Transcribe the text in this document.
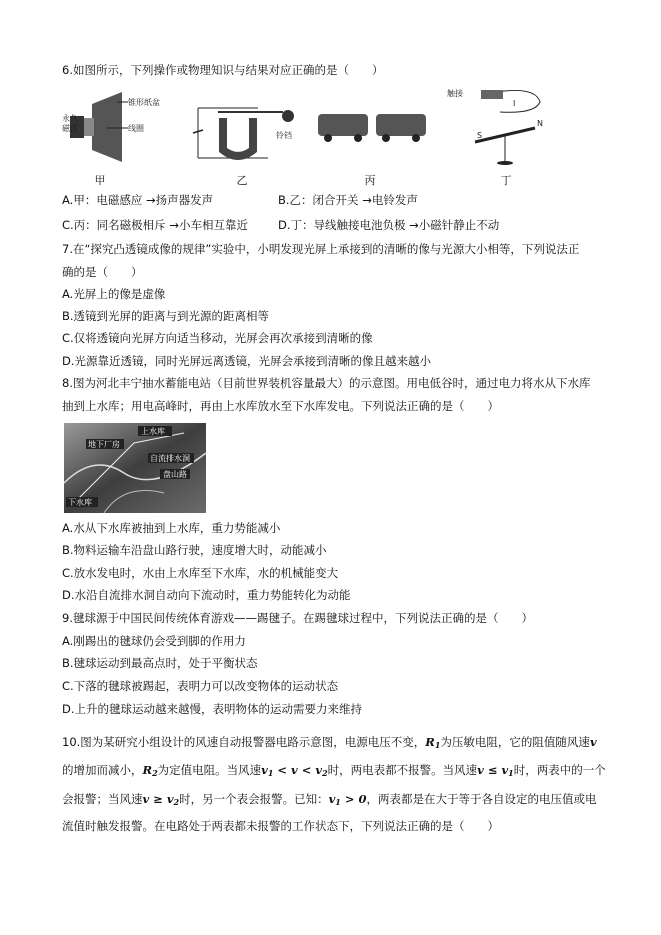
6.如图所示，下列操作或物理知识与结果对应正确的是（　　）
永久
磁体
锥形纸盆
线圈
甲
铃铛
乙	丙
触接
I
S
N
丁
A.甲：电磁感应 →扬声器发声	B.乙：闭合开关 →电铃发声
C.丙：同名磁极相斥 →小车相互靠近	D.丁：导线触接电池负极 →小磁针静止不动
7.在“探究凸透镜成像的规律”实验中，小明发现光屏上承接到的清晰的像与光源大小相等，下列说法正
确的是（　　）
A.光屏上的像是虚像
B.透镜到光屏的距离与到光源的距离相等
C.仅将透镜向光屏方向适当移动，光屏会再次承接到清晰的像
D.光源靠近透镜，同时光屏远离透镜，光屏会承接到清晰的像且越来越小
8.图为河北丰宁抽水蓄能电站（目前世界装机容量最大）的示意图。用电低谷时，通过电力将水从下水库
抽到上水库；用电高峰时，再由上水库放水至下水库发电。下列说法正确的是（　　）
上水库
地下厂房
自流排水洞
盘山路
下水库
A.水从下水库被抽到上水库，重力势能减小
B.物料运输车沿盘山路行驶，速度增大时，动能减小
C.放水发电时，水由上水库至下水库，水的机械能变大
D.水沿自流排水洞自动向下流动时，重力势能转化为动能
9.毽球源于中国民间传统体育游戏——踢毽子。在踢毽球过程中，下列说法正确的是（　　）
A.刚踢出的毽球仍会受到脚的作用力
B.毽球运动到最高点时，处于平衡状态
C.下落的毽球被踢起，表明力可以改变物体的运动状态
D.上升的毽球运动越来越慢，表明物体的运动需要力来维持
10.图为某研究小组设计的风速自动报警器电路示意图，电源电压不变，$R_1$为压敏电阻，它的阻值随风速v
的增加而减小，$R_2$为定值电阻。当风速$v_1 < v < v_2$时，两电表都不报警。当风速$v \le v_1$时，两表中的一个
会报警；当风速$v \ge v_2$时，另一个表会报警。已知：$v_1 > 0$，两表都是在大于等于各自设定的电压值或电
流值时触发报警。在电路处于两表都未报警的工作状态下，下列说法正确的是（　　）
